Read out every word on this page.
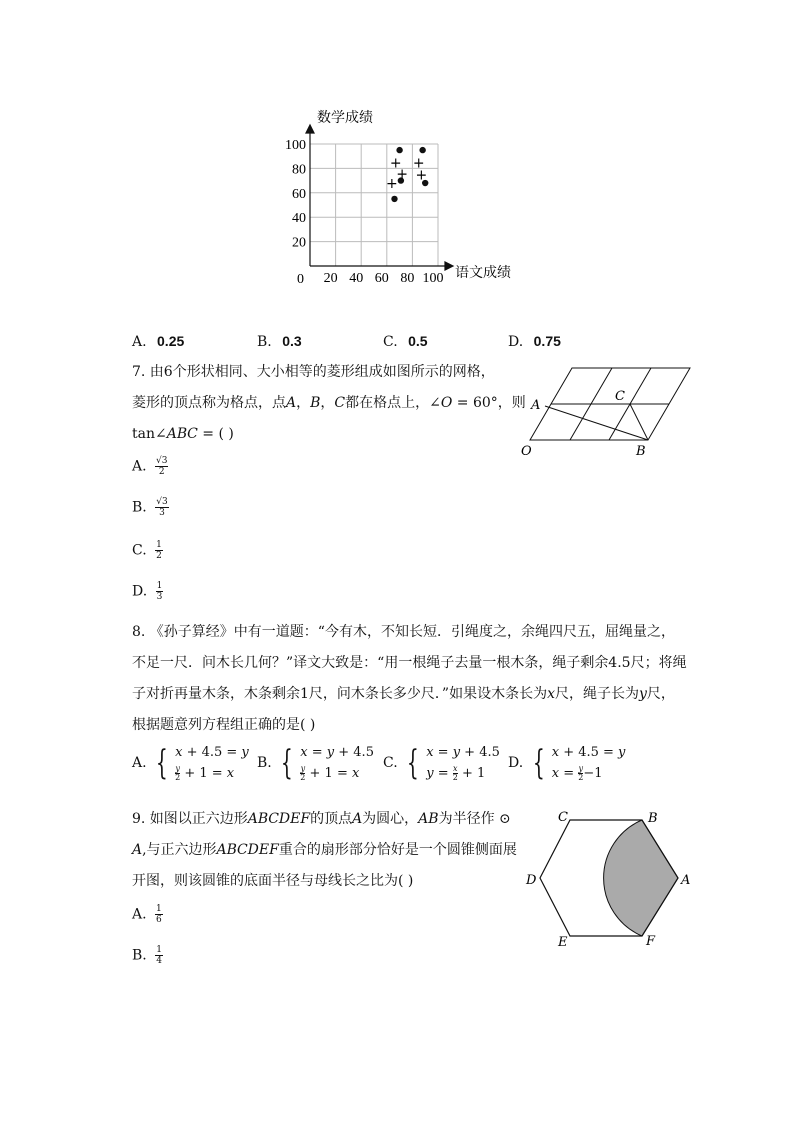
100
80
60
40
20
20 40 60 80 100
+ +
+ +
+
数学成绩
语文成绩
0
A. 0.25	B. 0.3	C. 0.5	D. 0.75
7. 由6个形状相同、大小相等的菱形组成如图所示的网格，
菱形的顶点称为格点，点𝐴，𝐵，𝐶都在格点上，∠𝑂 = 60°，则
tan∠𝐴𝐵𝐶 = ( )
A
C
O	B
A. $\frac{√3}{2}$
B. $\frac{√3}{3}$
C. $\frac{1}{2}$
D. $\frac{1}{3}$
8. 《孙子算经》中有一道题：“今有木，不知长短．引绳度之，余绳四尺五，屈绳量之，
不足一尺．问木长几何？”译文大致是：“用一根绳子去量一根木条，绳子剩余4.5尺；将绳
子对折再量木条，木条剩余1尺，问木条长多少尺．”如果设木条长为𝑥尺，绳子长为𝑦尺，
根据题意列方程组正确的是( )
A. { 𝑥 + 4.5 = 𝑦
$\frac{\text{𝑦}}{2} + 1$ = 𝑥
B. { 𝑥 = 𝑦 + 4.5
$\frac{\text{𝑦}}{2} + 1$ = 𝑥
C. { 𝑥 = 𝑦 + 4.5
𝑦 = $\frac{\text{𝑥}}{2} + 1$
D. { 𝑥 + 4.5 = 𝑦
𝑥 = $\frac{\text{𝑦}}{2}-1$
9. 如图以正六边形𝐴𝐵𝐶𝐷𝐸𝐹的顶点𝐴为圆心，𝐴𝐵为半径作 ⊙
𝐴,与正六边形𝐴𝐵𝐶𝐷𝐸𝐹重合的扇形部分恰好是一个圆锥侧面展
开图，则该圆锥的底面半径与母线长之比为( )	A
B
C
D
E	F
A. $\frac{1}{6}$
B. $\frac{1}{4}$
